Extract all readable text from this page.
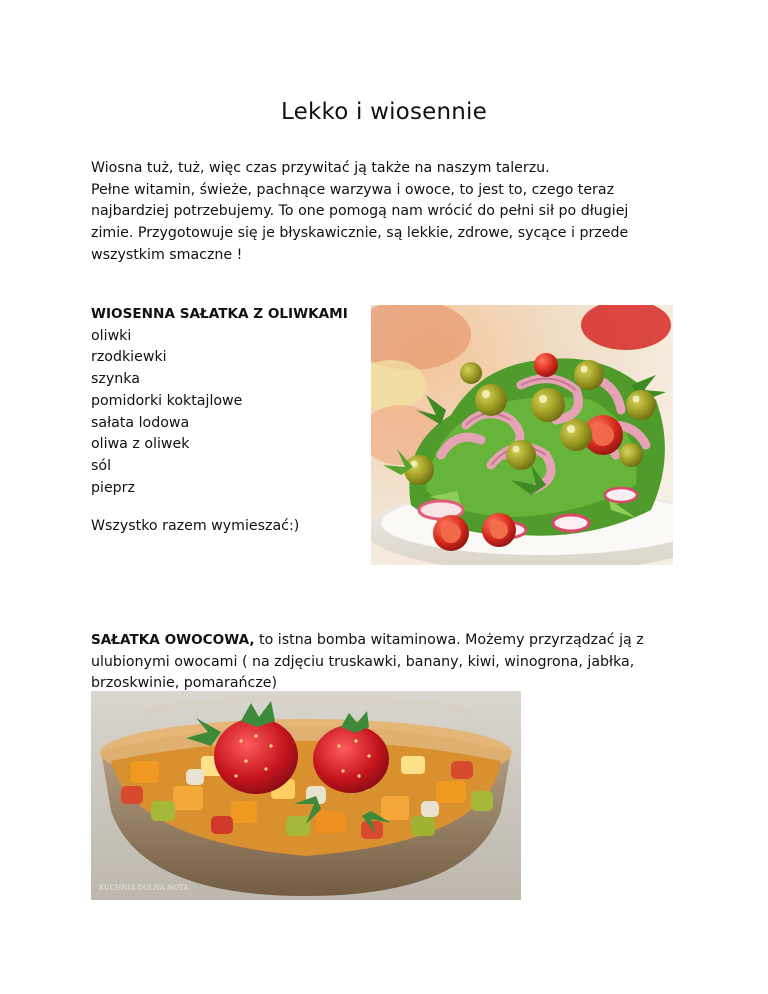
Lekko i wiosennie

Wiosna tuż, tuż, więc czas przywitać ją także na naszym talerzu.
Pełne witamin, świeże, pachnące warzywa i owoce, to jest to, czego teraz
najbardziej potrzebujemy. To one pomogą nam wrócić do pełni sił po długiej
zimie. Przygotowuje się je błyskawicznie, są lekkie, zdrowe, sycące i przede
wszystkim smaczne !

WIOSENNA SAŁATKA Z OLIWKAMI
oliwki
rzodkiewki
szynka
pomidorki koktajlowe
sałata lodowa
oliwa z oliwek
sól
pieprz
Wszystko razem wymieszać:)
SAŁATKA OWOCOWA, to istna bomba witaminowa. Możemy przyrządzać ją z
ulubionymi owocami ( na zdjęciu truskawki, banany, kiwi, winogrona, jabłka,
brzoskwinie, pomarańcze)
KUCHNIA DOLNA NOTA
